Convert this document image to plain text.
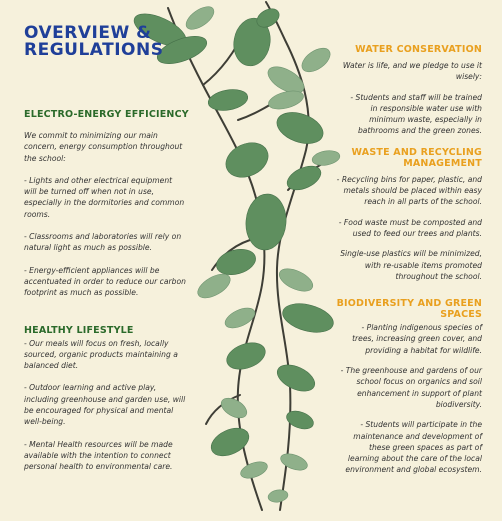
OVERVIEW &
REGULATIONS
ELECTRO-ENERGY EFFICIENCY

We commit to minimizing our main
concern, energy consumption throughout
the school:

- Lights and other electrical equipment
will be turned off when not in use,
especially in the dormitories and common
rooms.

- Classrooms and laboratories will rely on
natural light as much as possible.

- Energy-efficient appliances will be
accentuated in order to reduce our carbon
footprint as much as possible.

HEALTHY LIFESTYLE

- Our meals will focus on fresh, locally
sourced, organic products maintaining a
balanced diet.

- Outdoor learning and active play,
including greenhouse and garden use, will
be encouraged for physical and mental
well-being.

- Mental Health resources will be made
available with the intention to connect
personal health to environmental care.

WATER CONSERVATION

Water is life, and we pledge to use it
wisely:

- Students and staff will be trained
in responsible water use with
minimum waste, especially in
bathrooms and the green zones.

WASTE AND RECYCLING MANAGEMENT

- Recycling bins for paper, plastic, and
metals should be placed within easy
reach in all parts of the school.

- Food waste must be composted and
used to feed our trees and plants.

Single-use plastics will be minimized,
with re-usable items promoted
throughout the school.

BIODIVERSITY AND GREEN SPACES

- Planting indigenous species of
trees, increasing green cover, and
providing a habitat for wildlife.

- The greenhouse and gardens of our
school focus on organics and soil
enhancement in support of plant
biodiversity.

- Students will participate in the
maintenance and development of
these green spaces as part of
learning about the care of the local
environment and global ecosystem.
